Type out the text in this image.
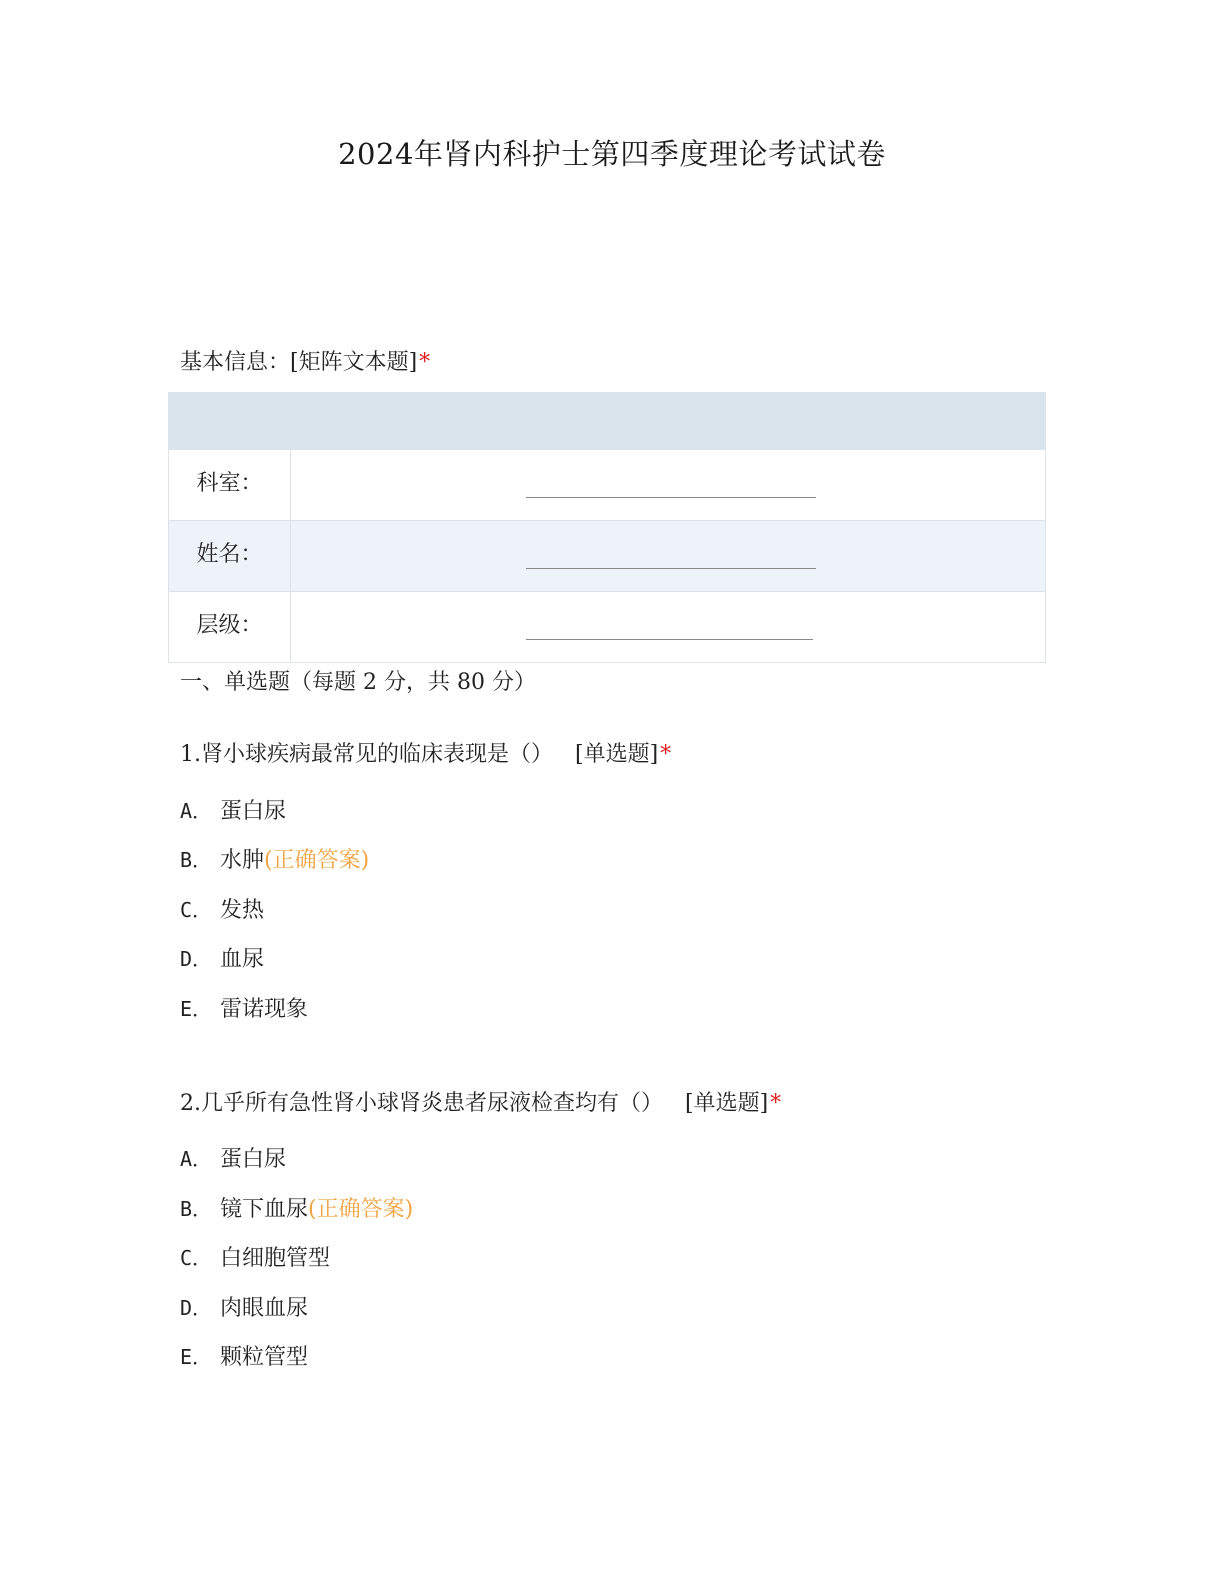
2024年肾内科护士第四季度理论考试试卷
基本信息：[矩阵文本题]*

科室：	

姓名：	

层级：	
一、单选题（每题 2 分，共 80 分）
1.肾小球疾病最常见的临床表现是（） [单选题]*
A． 蛋白尿
B． 水肿(正确答案)
C． 发热
D． 血尿
E． 雷诺现象
2.几乎所有急性肾小球肾炎患者尿液检查均有（） [单选题]*
A． 蛋白尿
B． 镜下血尿(正确答案)
C． 白细胞管型
D． 肉眼血尿
E． 颗粒管型
